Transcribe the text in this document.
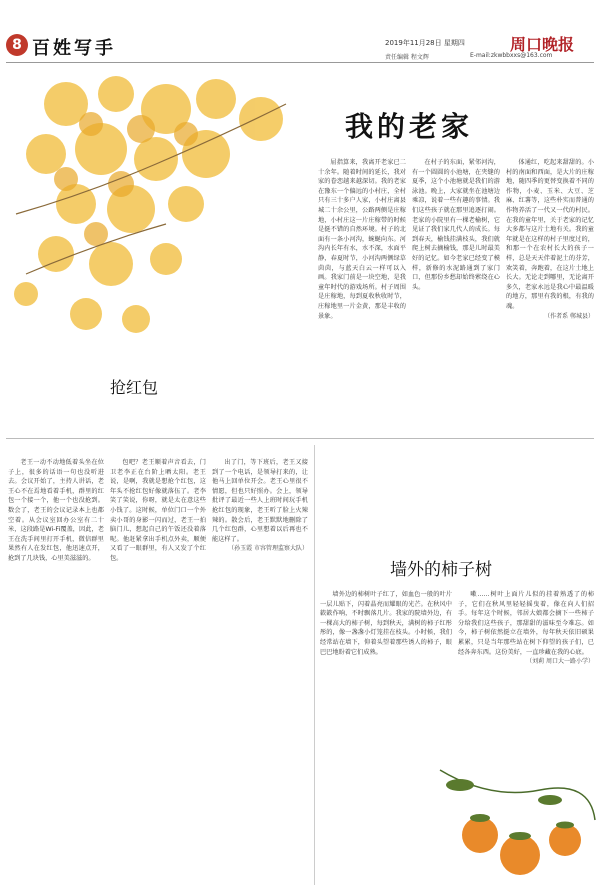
8 百姓写手	2019年11月28日 星期四	周口晚报
责任编辑 程文辉	E-mail:zkwbbxxs@163.com
我的老家

屈指算来，我离开老家已二十余年。随着时间的延长，我对家的眷恋越来越深切。我的老家在豫东一个偏远的小村庄，全村只有三十多户人家，小村庄离县城二十余公里，公路两侧是庄稼地，小村庄这一片庄稼带的时候是挺不错的自然环境。村子的北面有一条小河沟，蜿蜒向东。河沟内长年有水，水不深，水面平静，春夏时节，小河沟两侧绿草茵茵，与蓝天白云一样可以入画。我家门前是一块空地，是我童年时代的游戏场所。村子周围是庄稼地，每到夏收秋收时节，庄稼地里一片金黄，那是丰收的景象。

在村子的东面，紧邻河沟，有一个圆圆的小池塘，在夹缝的夏季，这个小池塘就是我们的游泳池。晚上，大家就坐在池塘边乘凉，说着一些有趣的事情。我们这些孩子就在那里追逐打闹。老家的小院里有一棵老榆树，它见证了我们家几代人的成长。每到春天，榆钱挂满枝头，我们就爬上树去摘榆钱，那是儿时最美好的记忆。如今老家已经变了模样，新修的水泥路通到了家门口，但那份乡愁却始终萦绕在心头。

体通红，吃起来甜甜的。小村的南面和西面，是大片的庄稼地，随四季的更替变换着不同的作物，小麦、玉米、大豆、芝麻、红薯等，这些朴实而普通的作物养活了一代又一代的村民。在我的童年里，关于老家的记忆大多都与这片土地有关。我的童年就是在这样的村子里度过的，和那一个在农村长大的孩子一样，总是天天伴着泥土的芬芳，欢笑着，奔跑着，在这片土地上长大。无论走到哪里，无论离开多久，老家永远是我心中最温暖的地方，那里有我的根，有我的魂。

（作者系 郸城县）
抢红包

老王一动不动地低着头坐在位子上，很多的话语一句也没听进去。会议开始了，主持人讲话，老王心不在焉地看着手机，群里的红包一个接一个，他一个也没抢到。数会了，老王的会议记录本上也都空着。从会议室回办公室有二十米，这段路是Wi-Fi覆盖，因此，老王在洗手间里打开手机，微信群里果然有人在发红包，他迅速点开，抢到了几块钱，心里美滋滋的。

包吧？老王顺着声音看去，门卫老李正在台阶上晒太阳。老王说，是啊，我就是想抢个红包，这年头不抢红包好像就落伍了。老李笑了笑说，你呀，就是太在意这些小钱了。这时候，单位门口一个外卖小哥的身影一闪而过，老王一拍脑门儿，想起自己的午饭还没着落呢。他赶紧拿出手机点外卖，顺便又看了一眼群里，有人又发了个红包。

出了门，等下班后，老王又接到了一个电话，是领导打来的，让他马上回单位开会。老王心里很不情愿，但也只好照办。会上，领导批评了最近一些人上班时间玩手机抢红包的现象，老王听了脸上火辣辣的。散会后，老王默默地删除了几个红包群，心里想着以后再也不能这样了。

（孙玉霞 市容管理监察大队）
墙外的柿子树

墙外边的柿树叶子红了，如血色一般的叶片一层儿贴下，闪着晶亮而耀眼的光芒。在秋风中簌簌作响，不时飘落几片。我家的院墙外边，有一棵高大的柿子树，每到秋天，满树的柿子红彤彤的，像一盏盏小灯笼挂在枝头。小时候，我们经常站在墙下，仰着头望着那些诱人的柿子，眼巴巴地盼着它们成熟。

嗽……树叶上面片儿似的挂着熟透了的柿子，它们在秋风里轻轻摇曳着，像在向人们招手。每年这个时候，邻居大娘都会摘下一些柿子分给我们这些孩子，那甜甜的滋味至今难忘。如今，柿子树依然挺立在墙外，每年秋天依旧硕果累累，只是当年那些站在树下仰望的孩子们，已经各奔东西。这份美好，一直珍藏在我的心底。

（刘莉 周口大一路小学）
